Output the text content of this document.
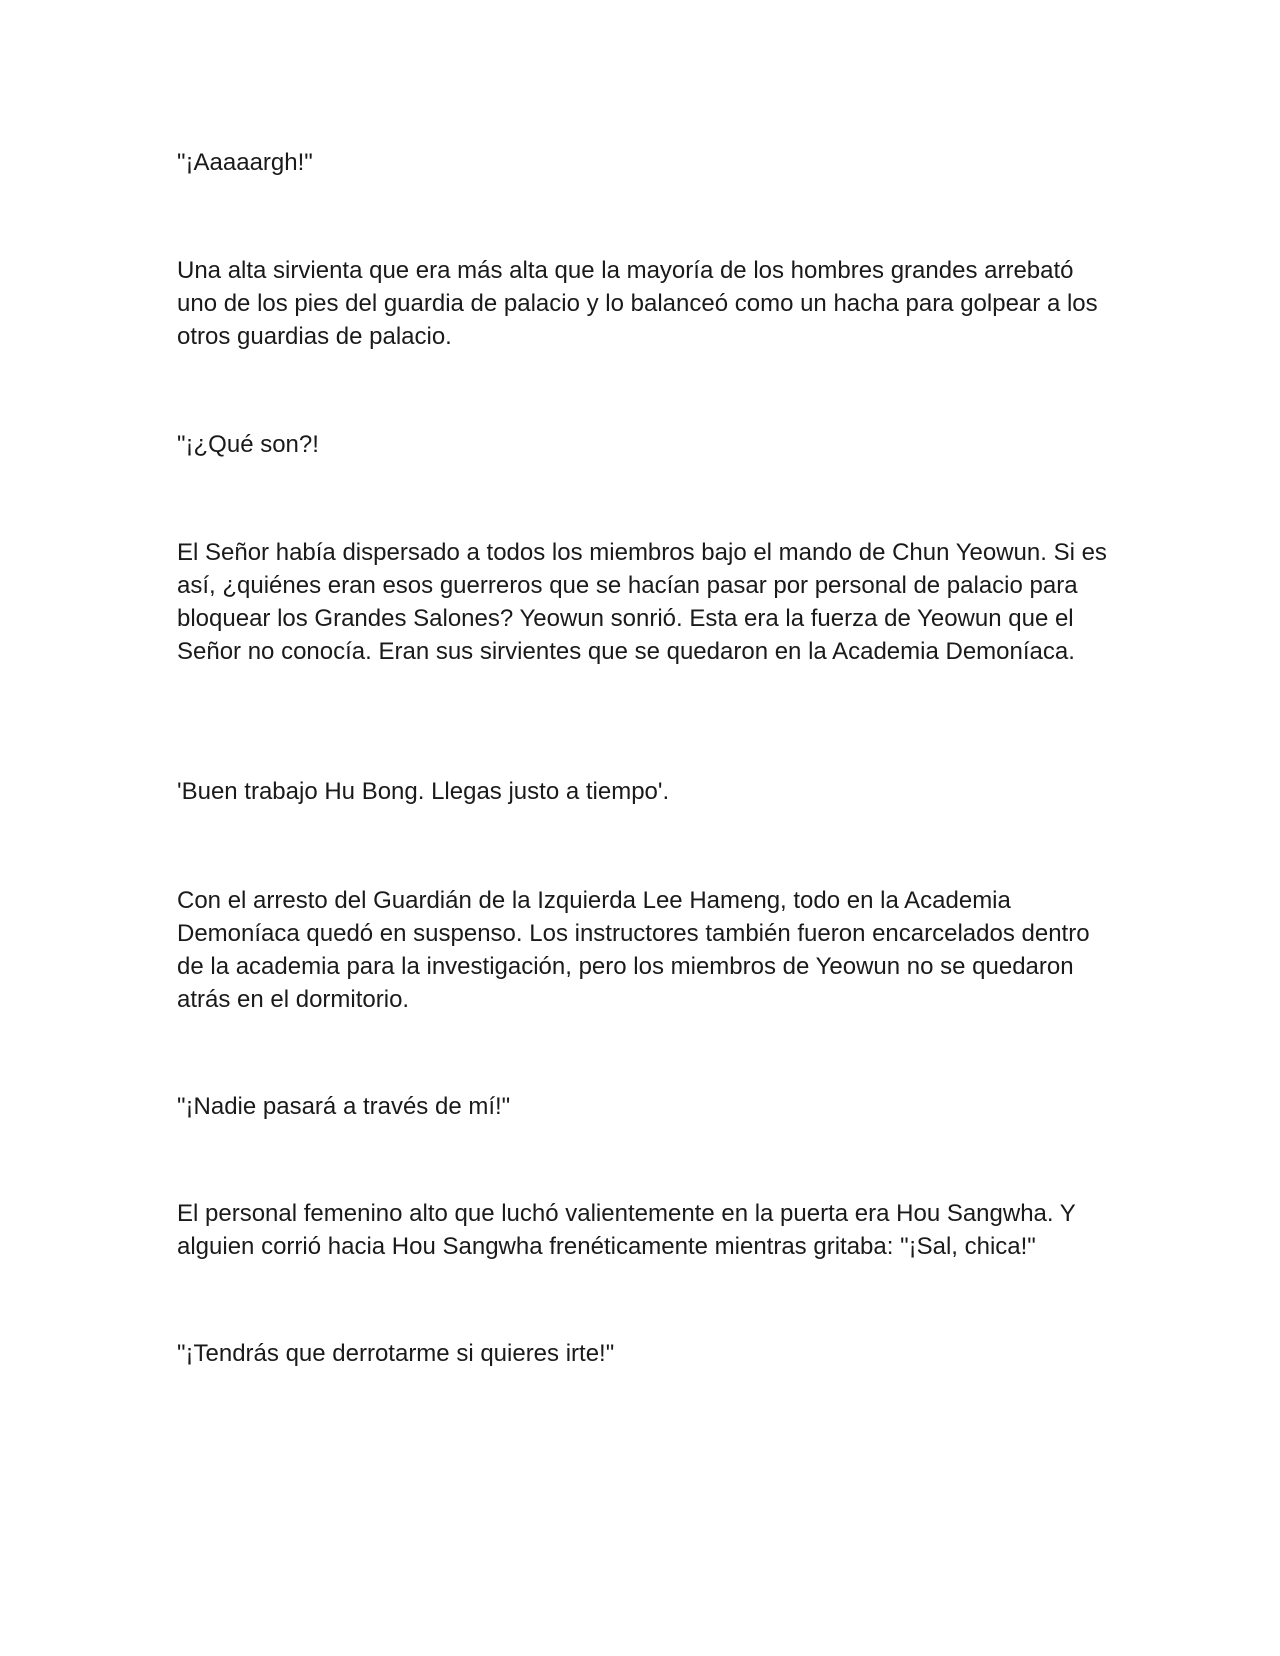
"¡Aaaaargh!"

Una alta sirvienta que era más alta que la mayoría de los hombres grandes arrebató uno de los pies del guardia de palacio y lo balanceó como un hacha para golpear a los otros guardias de palacio.

"¡¿Qué son?!

El Señor había dispersado a todos los miembros bajo el mando de Chun Yeowun. Si es así, ¿quiénes eran esos guerreros que se hacían pasar por personal de palacio para bloquear los Grandes Salones? Yeowun sonrió. Esta era la fuerza de Yeowun que el Señor no conocía. Eran sus sirvientes que se quedaron en la Academia Demoníaca.

'Buen trabajo Hu Bong. Llegas justo a tiempo'.

Con el arresto del Guardián de la Izquierda Lee Hameng, todo en la Academia Demoníaca quedó en suspenso. Los instructores también fueron encarcelados dentro de la academia para la investigación, pero los miembros de Yeowun no se quedaron atrás en el dormitorio.

"¡Nadie pasará a través de mí!"

El personal femenino alto que luchó valientemente en la puerta era Hou Sangwha. Y alguien corrió hacia Hou Sangwha frenéticamente mientras gritaba: "¡Sal, chica!"

"¡Tendrás que derrotarme si quieres irte!"
